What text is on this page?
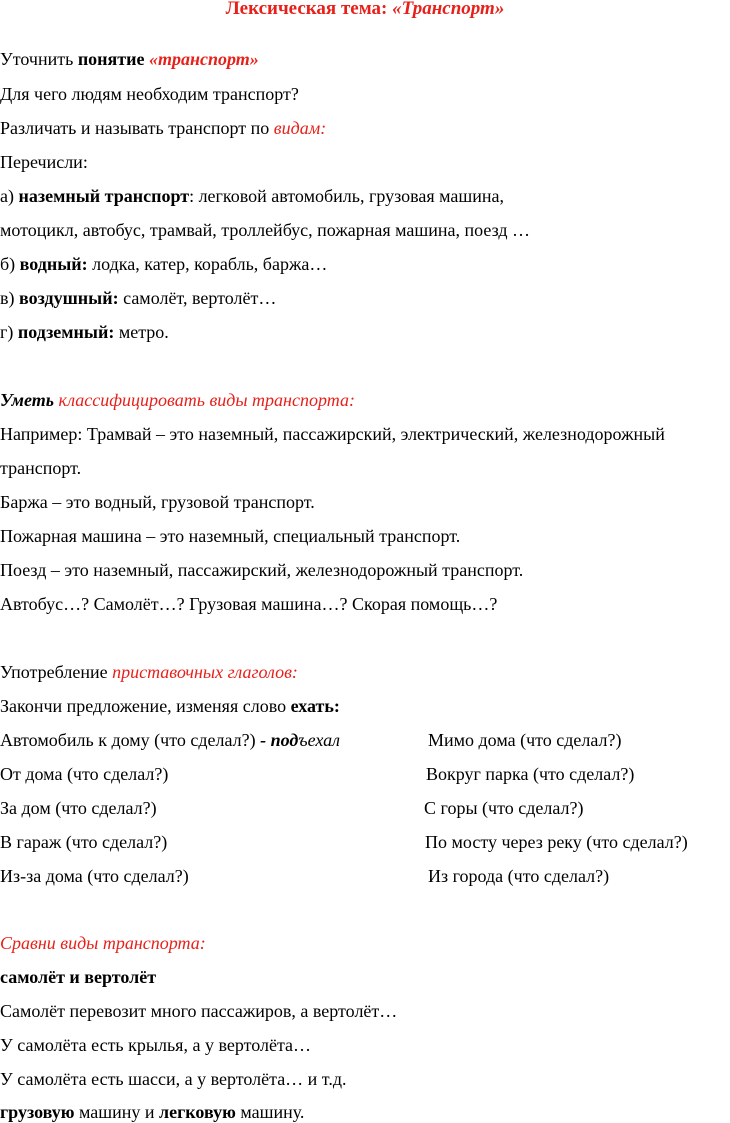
Лексическая тема: «Транспорт»
Уточнить понятие «транспорт»
Для чего людям необходим транспорт?
Различать и называть транспорт по видам:
Перечисли:
а) наземный транспорт: легковой автомобиль, грузовая машина,
мотоцикл, автобус, трамвай, троллейбус, пожарная машина, поезд …
б) водный: лодка, катер, корабль, баржа…
в) воздушный: самолёт, вертолёт…
г) подземный: метро.
Уметь классифицировать виды транспорта:
Например: Трамвай – это наземный, пассажирский, электрический, железнодорожный
транспорт.
Баржа – это водный, грузовой транспорт.
Пожарная машина – это наземный, специальный транспорт.
Поезд – это наземный, пассажирский, железнодорожный транспорт.
Автобус…? Самолёт…? Грузовая машина…? Скорая помощь…?
Употребление приставочных глаголов:
Закончи предложение, изменяя слово ехать:
Автомобиль к дому (что сделал?) - подъехал	Мимо дома (что сделал?)
От дома (что сделал?)	Вокруг парка (что сделал?)
За дом (что сделал?)	С горы (что сделал?)
В гараж (что сделал?)	По мосту через реку (что сделал?)
Из-за дома (что сделал?)	Из города (что сделал?)
Сравни виды транспорта:
самолёт и вертолёт
Самолёт перевозит много пассажиров, а вертолёт…
У самолёта есть крылья, а у вертолёта…
У самолёта есть шасси, а у вертолёта… и т.д.
грузовую машину и легковую машину.
